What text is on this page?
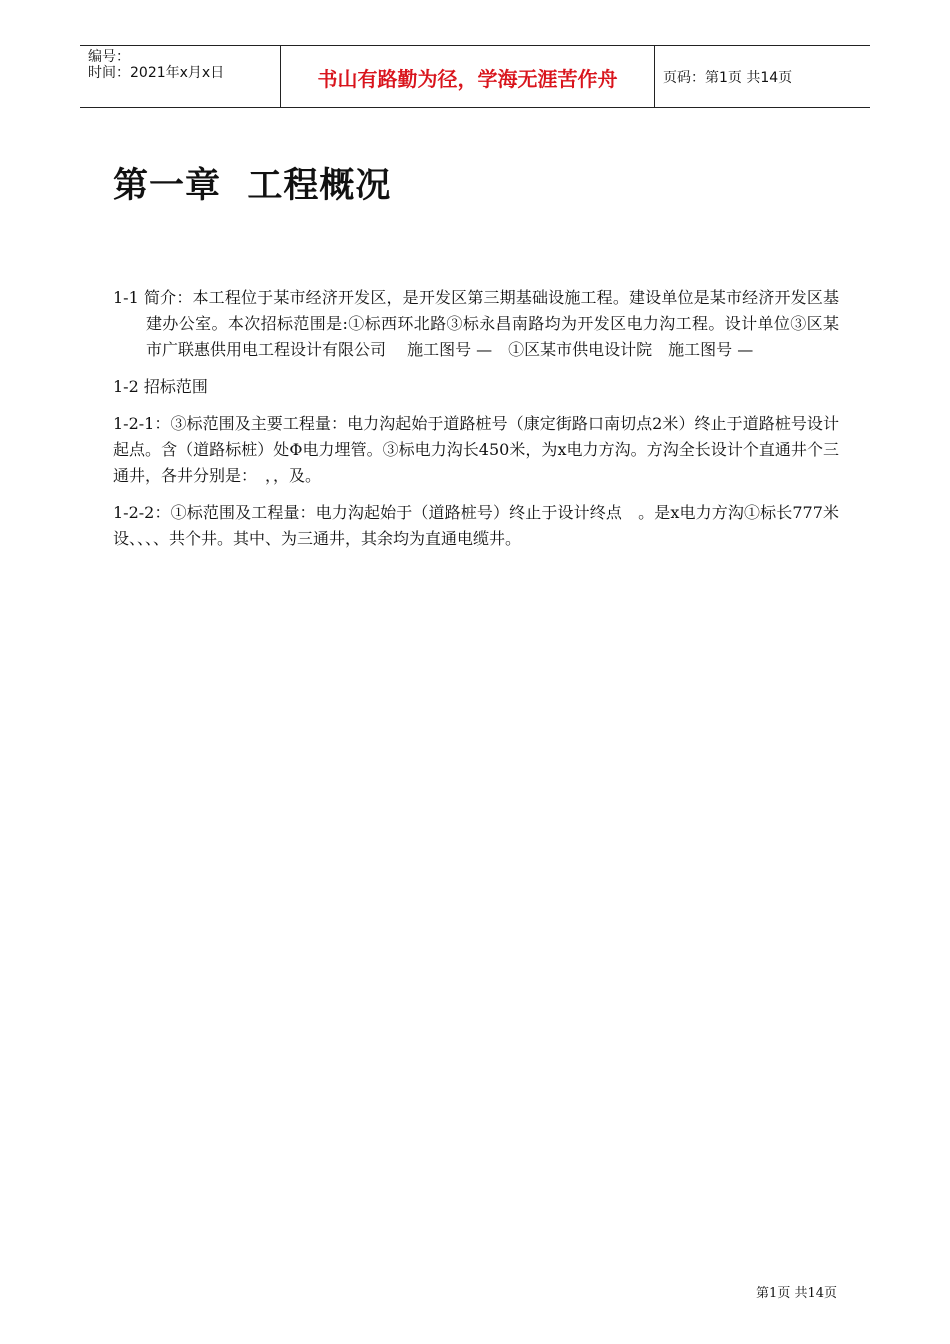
编号：
时间：2021年x月x日	书山有路勤为径，学海无涯苦作舟	页码：第1页 共14页
第一章  工程概况

1-1 简介：本工程位于某市经济开发区，是开发区第三期基础设施工程。建设单位是某市经济开发区基建办公室。本次招标范围是:①标西环北路③标永昌南路均为开发区电力沟工程。设计单位③区某市广联惠供用电工程设计有限公司　 施工图号 —　①区某市供电设计院　施工图号 —

1-2 招标范围

1-2-1：③标范围及主要工程量：电力沟起始于道路桩号（康定街路口南切点2米）终止于道路桩号设计起点。含（道路标桩）处Φ电力埋管。③标电力沟长450米，为x电力方沟。方沟全长设计个直通井个三通井，各井分别是：　，，及。

1-2-2：①标范围及工程量：电力沟起始于（道路桩号）终止于设计终点　。是x电力方沟①标长777米设、、、、共个井。其中、为三通井，其余均为直通电缆井。

第1页 共14页
